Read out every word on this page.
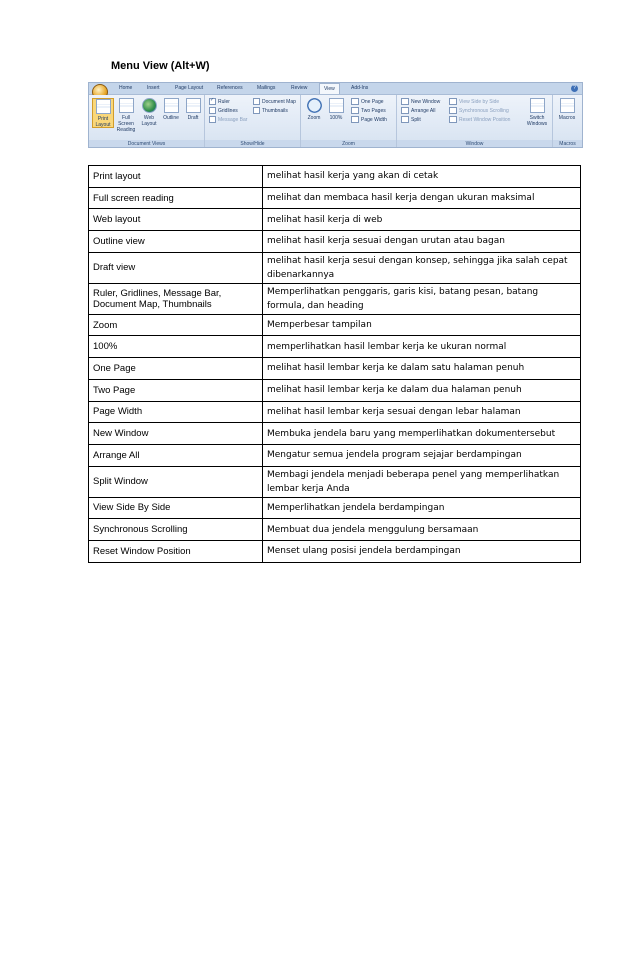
Menu View (Alt+W)
Home	Insert	Page Layout	References	Mailings	Review	View	Add-Ins	?
Print Layout
Full Screen Reading
Web Layout
Outline	Draft
Document Views
✓Ruler
Gridlines
Message Bar
Document Map
Thumbnails
Show/Hide
Zoom	100%
One Page
Two Pages
Page Width
Zoom
New Window
Arrange All
Split
View Side by Side
Synchronous Scrolling
Reset Window Position	Switch Windows
Window
Macros
Macros
Print layout	melihat hasil kerja yang akan di cetak
Full screen reading	melihat dan membaca hasil kerja dengan ukuran maksimal
Web layout	melihat hasil kerja di web
Outline view	melihat hasil kerja sesuai dengan urutan atau bagan
Draft view	melihat hasil kerja sesui dengan konsep, sehingga jika salah cepat dibenarkannya
Ruler, Gridlines, Message Bar, Document Map, Thumbnails	Memperlihatkan penggaris, garis kisi, batang pesan, batang formula, dan heading
Zoom	Memperbesar tampilan
100%	memperlihatkan hasil lembar kerja ke ukuran normal
One Page	melihat hasil lembar kerja ke dalam satu halaman penuh
Two Page	melihat hasil lembar kerja ke dalam dua halaman penuh
Page Width	melihat hasil lembar kerja sesuai dengan lebar halaman
New Window	Membuka jendela baru yang memperlihatkan dokumentersebut
Arrange All	Mengatur semua jendela program sejajar berdampingan
Split Window	Membagi jendela menjadi beberapa penel yang memperlihatkan lembar kerja Anda
View Side By Side	Memperlihatkan jendela berdampingan
Synchronous Scrolling	Membuat dua jendela menggulung bersamaan
Reset Window Position	Menset ulang posisi jendela berdampingan
